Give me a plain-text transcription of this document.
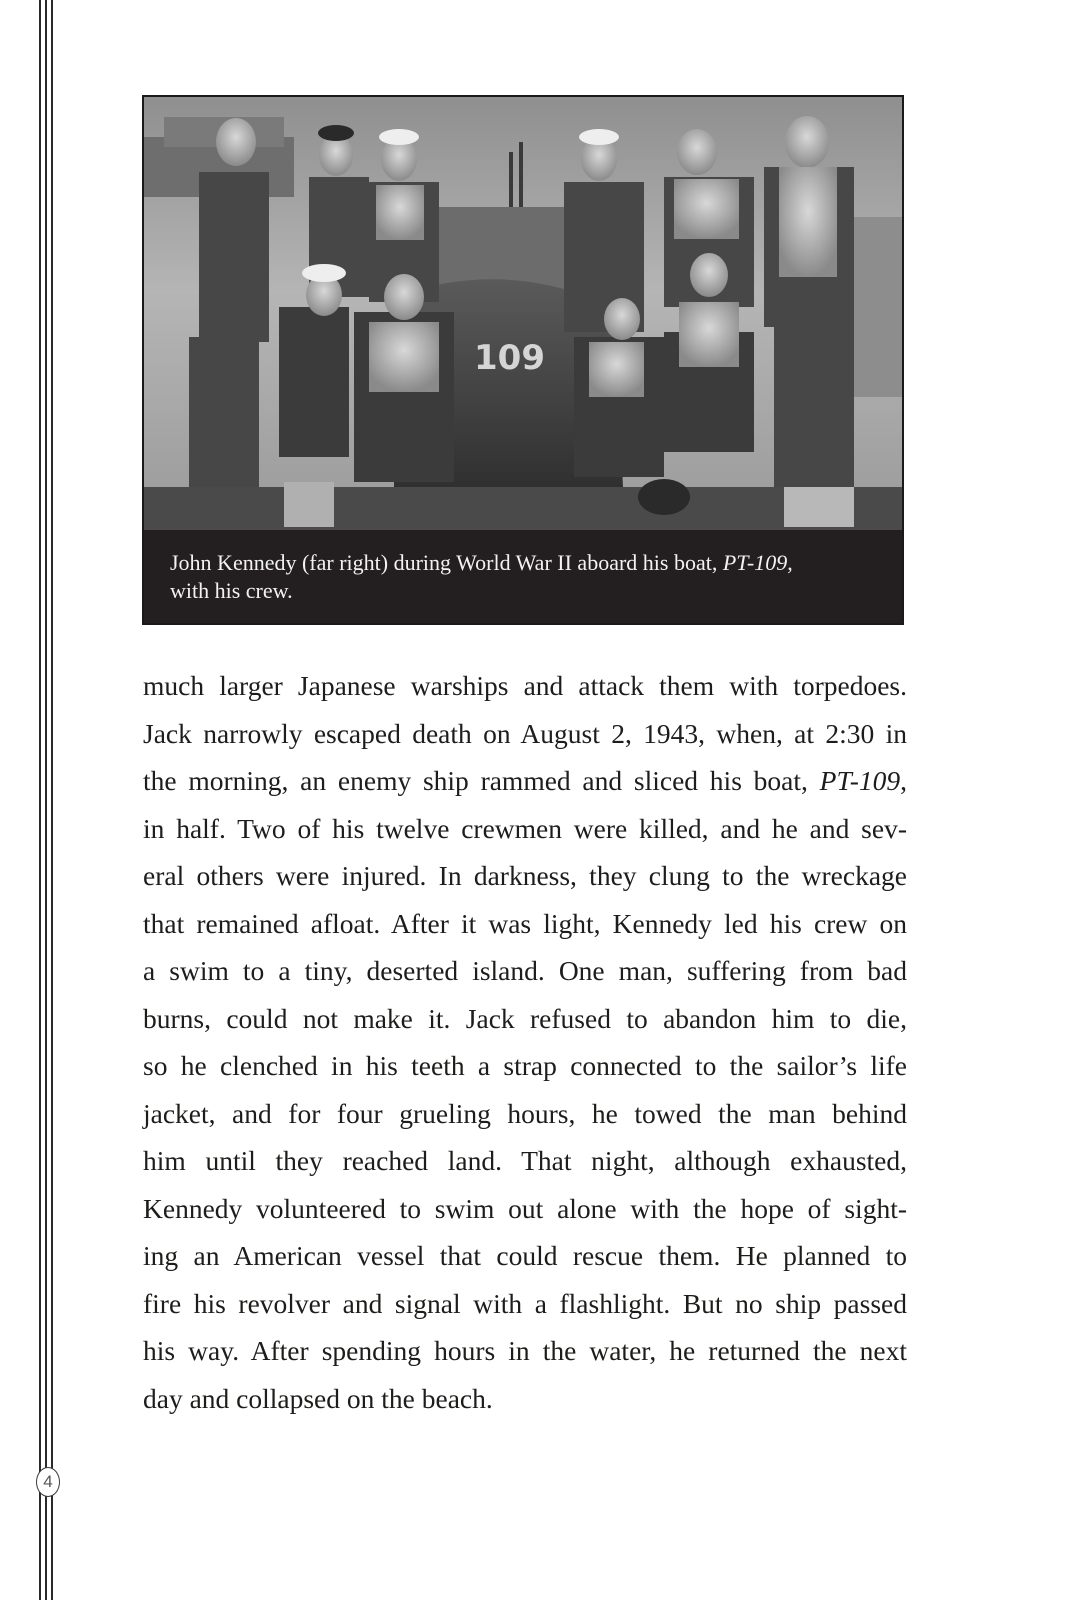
4
109

John Kennedy (far right) during World War II aboard his boat, PT-109,
with his crew.

much larger Japanese warships and attack them with torpedoes.
Jack narrowly escaped death on August 2, 1943, when, at 2:30 in
the morning, an enemy ship rammed and sliced his boat, PT-109,
in half. Two of his twelve crewmen were killed, and he and sev-
eral others were injured. In darkness, they clung to the wreckage
that remained afloat. After it was light, Kennedy led his crew on
a swim to a tiny, deserted island. One man, suffering from bad
burns, could not make it. Jack refused to abandon him to die,
so he clenched in his teeth a strap connected to the sailor’s life
jacket, and for four grueling hours, he towed the man behind
him until they reached land. That night, although exhausted,
Kennedy volunteered to swim out alone with the hope of sight-
ing an American vessel that could rescue them. He planned to
fire his revolver and signal with a flashlight. But no ship passed
his way. After spending hours in the water, he returned the next
day and collapsed on the beach.
